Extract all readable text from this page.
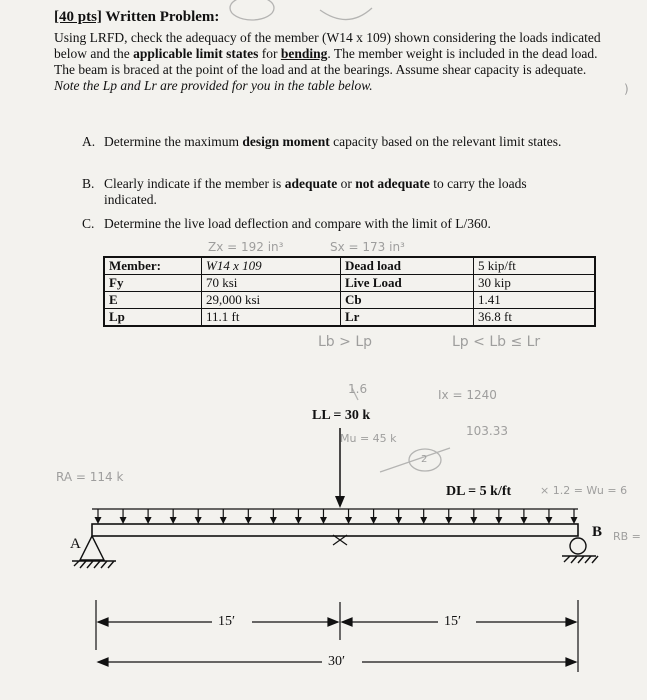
[40 pts] Written Problem:
Using LRFD, check the adequacy of the member (W14 x 109) shown considering the loads indicated below and the applicable limit states for bending. The member weight is included in the dead load. The beam is braced at the point of the load and at the bearings. Assume shear capacity is adequate. Note the Lp and Lr are provided for you in the table below.
A. Determine the maximum design moment capacity based on the relevant limit states.
B. Clearly indicate if the member is adequate or not adequate to carry the loads indicated.
C. Determine the live load deflection and compare with the limit of L/360.
Member:	W14 x 109	Dead load	5 kip/ft
Fy	70 ksi	Live Load	30 kip
E	29,000 ksi	Cb	1.41
Lp	11.1 ft	Lr	36.8 ft
Zx = 192 in³	Sx = 173 in³
Lb > Lp	Lp < Lb ≤ Lr
1.6	Ix = 1240
103.33
Mu = 45 k
RA = 114 k
× 1.2 = Wu = 6
RB =
)
2
LL = 30 k
DL = 5 k/ft
A
B
15′	15′
30′
